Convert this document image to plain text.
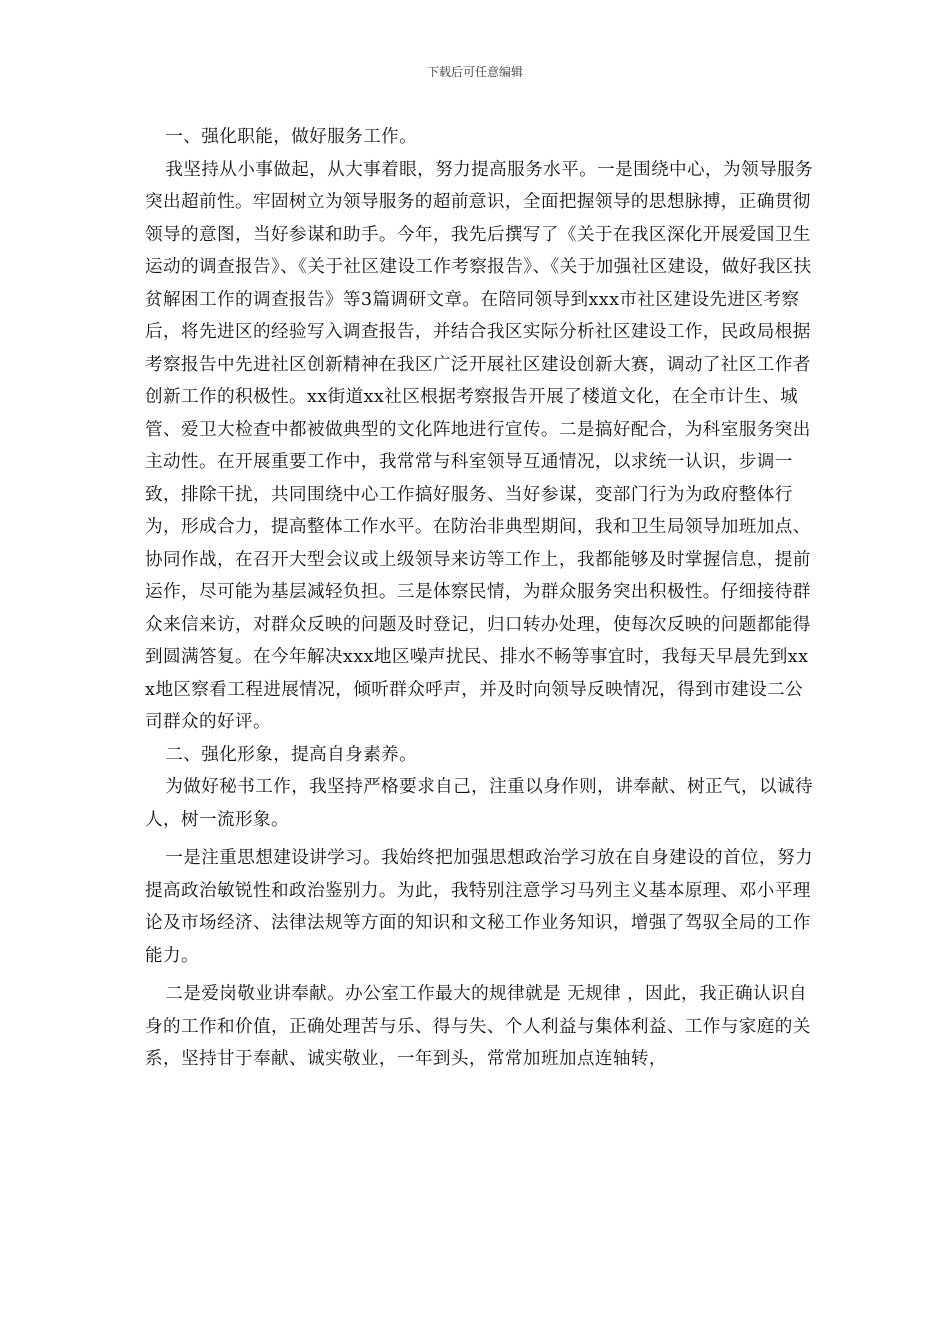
下载后可任意编辑

一、强化职能，做好服务工作。

我坚持从小事做起，从大事着眼，努力提高服务水平。一是围绕中心，为领导服务突出超前性。牢固树立为领导服务的超前意识，全面把握领导的思想脉搏，正确贯彻领导的意图，当好参谋和助手。今年，我先后撰写了《关于在我区深化开展爱国卫生运动的调查报告》、《关于社区建设工作考察报告》、《关于加强社区建设，做好我区扶贫解困工作的调查报告》等3篇调研文章。在陪同领导到xxx市社区建设先进区考察后，将先进区的经验写入调查报告，并结合我区实际分析社区建设工作，民政局根据考察报告中先进社区创新精神在我区广泛开展社区建设创新大赛，调动了社区工作者创新工作的积极性。xx街道xx社区根据考察报告开展了楼道文化，在全市计生、城管、爱卫大检查中都被做典型的文化阵地进行宣传。二是搞好配合，为科室服务突出主动性。在开展重要工作中，我常常与科室领导互通情况，以求统一认识，步调一致，排除干扰，共同围绕中心工作搞好服务、当好参谋，变部门行为为政府整体行为，形成合力，提高整体工作水平。在防治非典型期间，我和卫生局领导加班加点、协同作战，在召开大型会议或上级领导来访等工作上，我都能够及时掌握信息，提前运作，尽可能为基层减轻负担。三是体察民情，为群众服务突出积极性。仔细接待群众来信来访，对群众反映的问题及时登记，归口转办处理，使每次反映的问题都能得到圆满答复。在今年解决xxx地区噪声扰民、排水不畅等事宜时，我每天早晨先到xxx地区察看工程进展情况，倾听群众呼声，并及时向领导反映情况，得到市建设二公司群众的好评。

二、强化形象，提高自身素养。

为做好秘书工作，我坚持严格要求自己，注重以身作则，讲奉献、树正气，以诚待人，树一流形象。

一是注重思想建设讲学习。我始终把加强思想政治学习放在自身建设的首位，努力提高政治敏锐性和政治鉴别力。为此，我特别注意学习马列主义基本原理、邓小平理论及市场经济、法律法规等方面的知识和文秘工作业务知识，增强了驾驭全局的工作能力。

二是爱岗敬业讲奉献。办公室工作最大的规律就是 无规律 ，因此，我正确认识自身的工作和价值，正确处理苦与乐、得与失、个人利益与集体利益、工作与家庭的关系，坚持甘于奉献、诚实敬业，一年到头，常常加班加点连轴转，
